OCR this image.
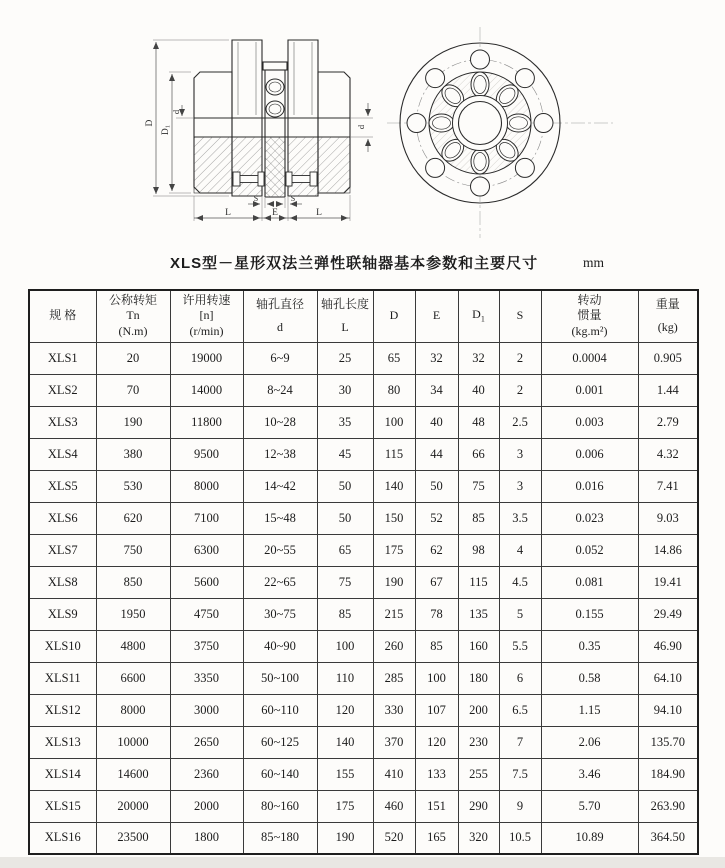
D
D1
d
d
S	S
L	E	L
XLS型－星形双法兰弹性联轴器基本参数和主要尺寸	mm
规 格

公称转矩
Tn
(N.m)

许用转速
[n]
(r/min)

轴孔直径
d

轴孔长度
L

D	E	$D_1$	S

转动
惯量
(kg.m²)

重量
(kg)

XLS1	20	19000	6~9	25	65	32	32	2	0.0004	0.905
XLS2	70	14000	8~24	30	80	34	40	2	0.001	1.44
XLS3	190	11800	10~28	35	100	40	48	2.5	0.003	2.79
XLS4	380	9500	12~38	45	115	44	66	3	0.006	4.32
XLS5	530	8000	14~42	50	140	50	75	3	0.016	7.41
XLS6	620	7100	15~48	50	150	52	85	3.5	0.023	9.03
XLS7	750	6300	20~55	65	175	62	98	4	0.052	14.86
XLS8	850	5600	22~65	75	190	67	115	4.5	0.081	19.41
XLS9	1950	4750	30~75	85	215	78	135	5	0.155	29.49
XLS10	4800	3750	40~90	100	260	85	160	5.5	0.35	46.90
XLS11	6600	3350	50~100	110	285	100	180	6	0.58	64.10
XLS12	8000	3000	60~110	120	330	107	200	6.5	1.15	94.10
XLS13	10000	2650	60~125	140	370	120	230	7	2.06	135.70
XLS14	14600	2360	60~140	155	410	133	255	7.5	3.46	184.90
XLS15	20000	2000	80~160	175	460	151	290	9	5.70	263.90
XLS16	23500	1800	85~180	190	520	165	320	10.5	10.89	364.50
